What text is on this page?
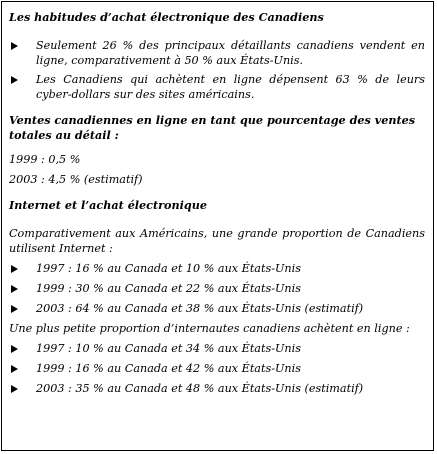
Les habitudes d’achat électronique des Canadiens

Seulement 26 % des principaux détaillants canadiens vendent en ligne, comparativement à 50 % aux États-Unis.
Les Canadiens qui achètent en ligne dépensent 63 % de leurs cyber-dollars sur des sites américains.

Ventes canadiennes en ligne en tant que pourcentage des ventes totales au détail :

1999 : 0,5 %

2003 : 4,5 % (estimatif)

Internet et l’achat électronique

Comparativement aux Américains, une grande proportion de Canadiens utilisent Internet :

1997 : 16 % au Canada et 10 % aux États-Unis
1999 : 30 % au Canada et 22 % aux États-Unis
2003 : 64 % au Canada et 38 % aux États-Unis (estimatif)

Une plus petite proportion d’internautes canadiens achètent en ligne :

1997 : 10 % au Canada et 34 % aux États-Unis
1999 : 16 % au Canada et 42 % aux États-Unis
2003 : 35 % au Canada et 48 % aux États-Unis (estimatif)
